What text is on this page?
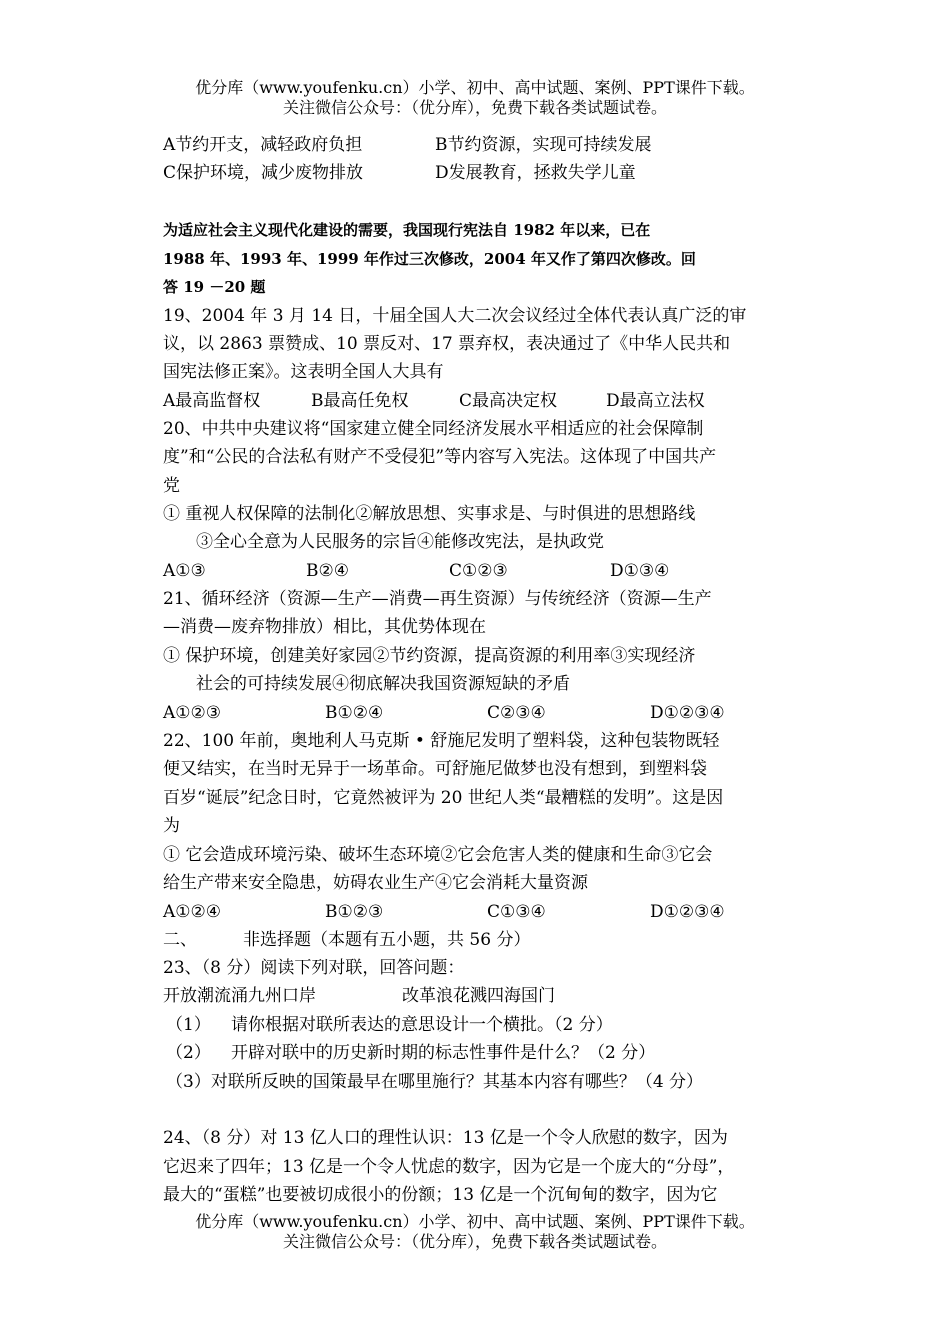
优分库（www.youfenku.cn）小学、初中、高中试题、案例、PPT课件下载。
关注微信公众号：（优分库），免费下载各类试题试卷。
A节约开支，减轻政府负担	B节约资源，实现可持续发展
C保护环境，减少废物排放	D发展教育，拯救失学儿童
为适应社会主义现代化建设的需要，我国现行宪法自 1982 年以来，已在
1988 年、1993 年、1999 年作过三次修改，2004 年又作了第四次修改。回
答 19 －20 题
19、2004 年 3 月 14 日，十届全国人大二次会议经过全体代表认真广泛的审
议，以 2863 票赞成、10 票反对、17 票弃权，表决通过了《中华人民共和
国宪法修正案》。这表明全国人大具有
A最高监督权	B最高任免权	C最高决定权	D最高立法权
20、中共中央建议将“国家建立健全同经济发展水平相适应的社会保障制
度”和“公民的合法私有财产不受侵犯”等内容写入宪法。这体现了中国共产
党
① 重视人权保障的法制化②解放思想、实事求是、与时俱进的思想路线
③全心全意为人民服务的宗旨④能修改宪法，是执政党
A①③	B②④	C①②③	D①③④
21、循环经济（资源—生产—消费—再生资源）与传统经济（资源—生产
—消费—废弃物排放）相比，其优势体现在
① 保护环境，创建美好家园②节约资源，提高资源的利用率③实现经济
社会的可持续发展④彻底解决我国资源短缺的矛盾
A①②③	B①②④	C②③④	D①②③④
22、100 年前，奥地利人马克斯 • 舒施尼发明了塑料袋，这种包装物既轻
便又结实，在当时无异于一场革命。可舒施尼做梦也没有想到，到塑料袋
百岁“诞辰”纪念日时，它竟然被评为 20 世纪人类“最糟糕的发明”。这是因
为
① 它会造成环境污染、破坏生态环境②它会危害人类的健康和生命③它会
给生产带来安全隐患，妨碍农业生产④它会消耗大量资源
A①②④	B①②③	C①③④	D①②③④
二、	非选择题（本题有五小题，共 56 分）
23、（8 分）阅读下列对联，回答问题：
开放潮流涌九州口岸	改革浪花溅四海国门
（1） 请你根据对联所表达的意思设计一个横批。（2 分）
（2） 开辟对联中的历史新时期的标志性事件是什么？（2 分）
（3）对联所反映的国策最早在哪里施行？其基本内容有哪些？（4 分）
24、（8 分）对 13 亿人口的理性认识：13 亿是一个令人欣慰的数字，因为
它迟来了四年；13 亿是一个令人忧虑的数字，因为它是一个庞大的“分母”，
最大的“蛋糕”也要被切成很小的份额；13 亿是一个沉甸甸的数字，因为它
优分库（www.youfenku.cn）小学、初中、高中试题、案例、PPT课件下载。
关注微信公众号：（优分库），免费下载各类试题试卷。
